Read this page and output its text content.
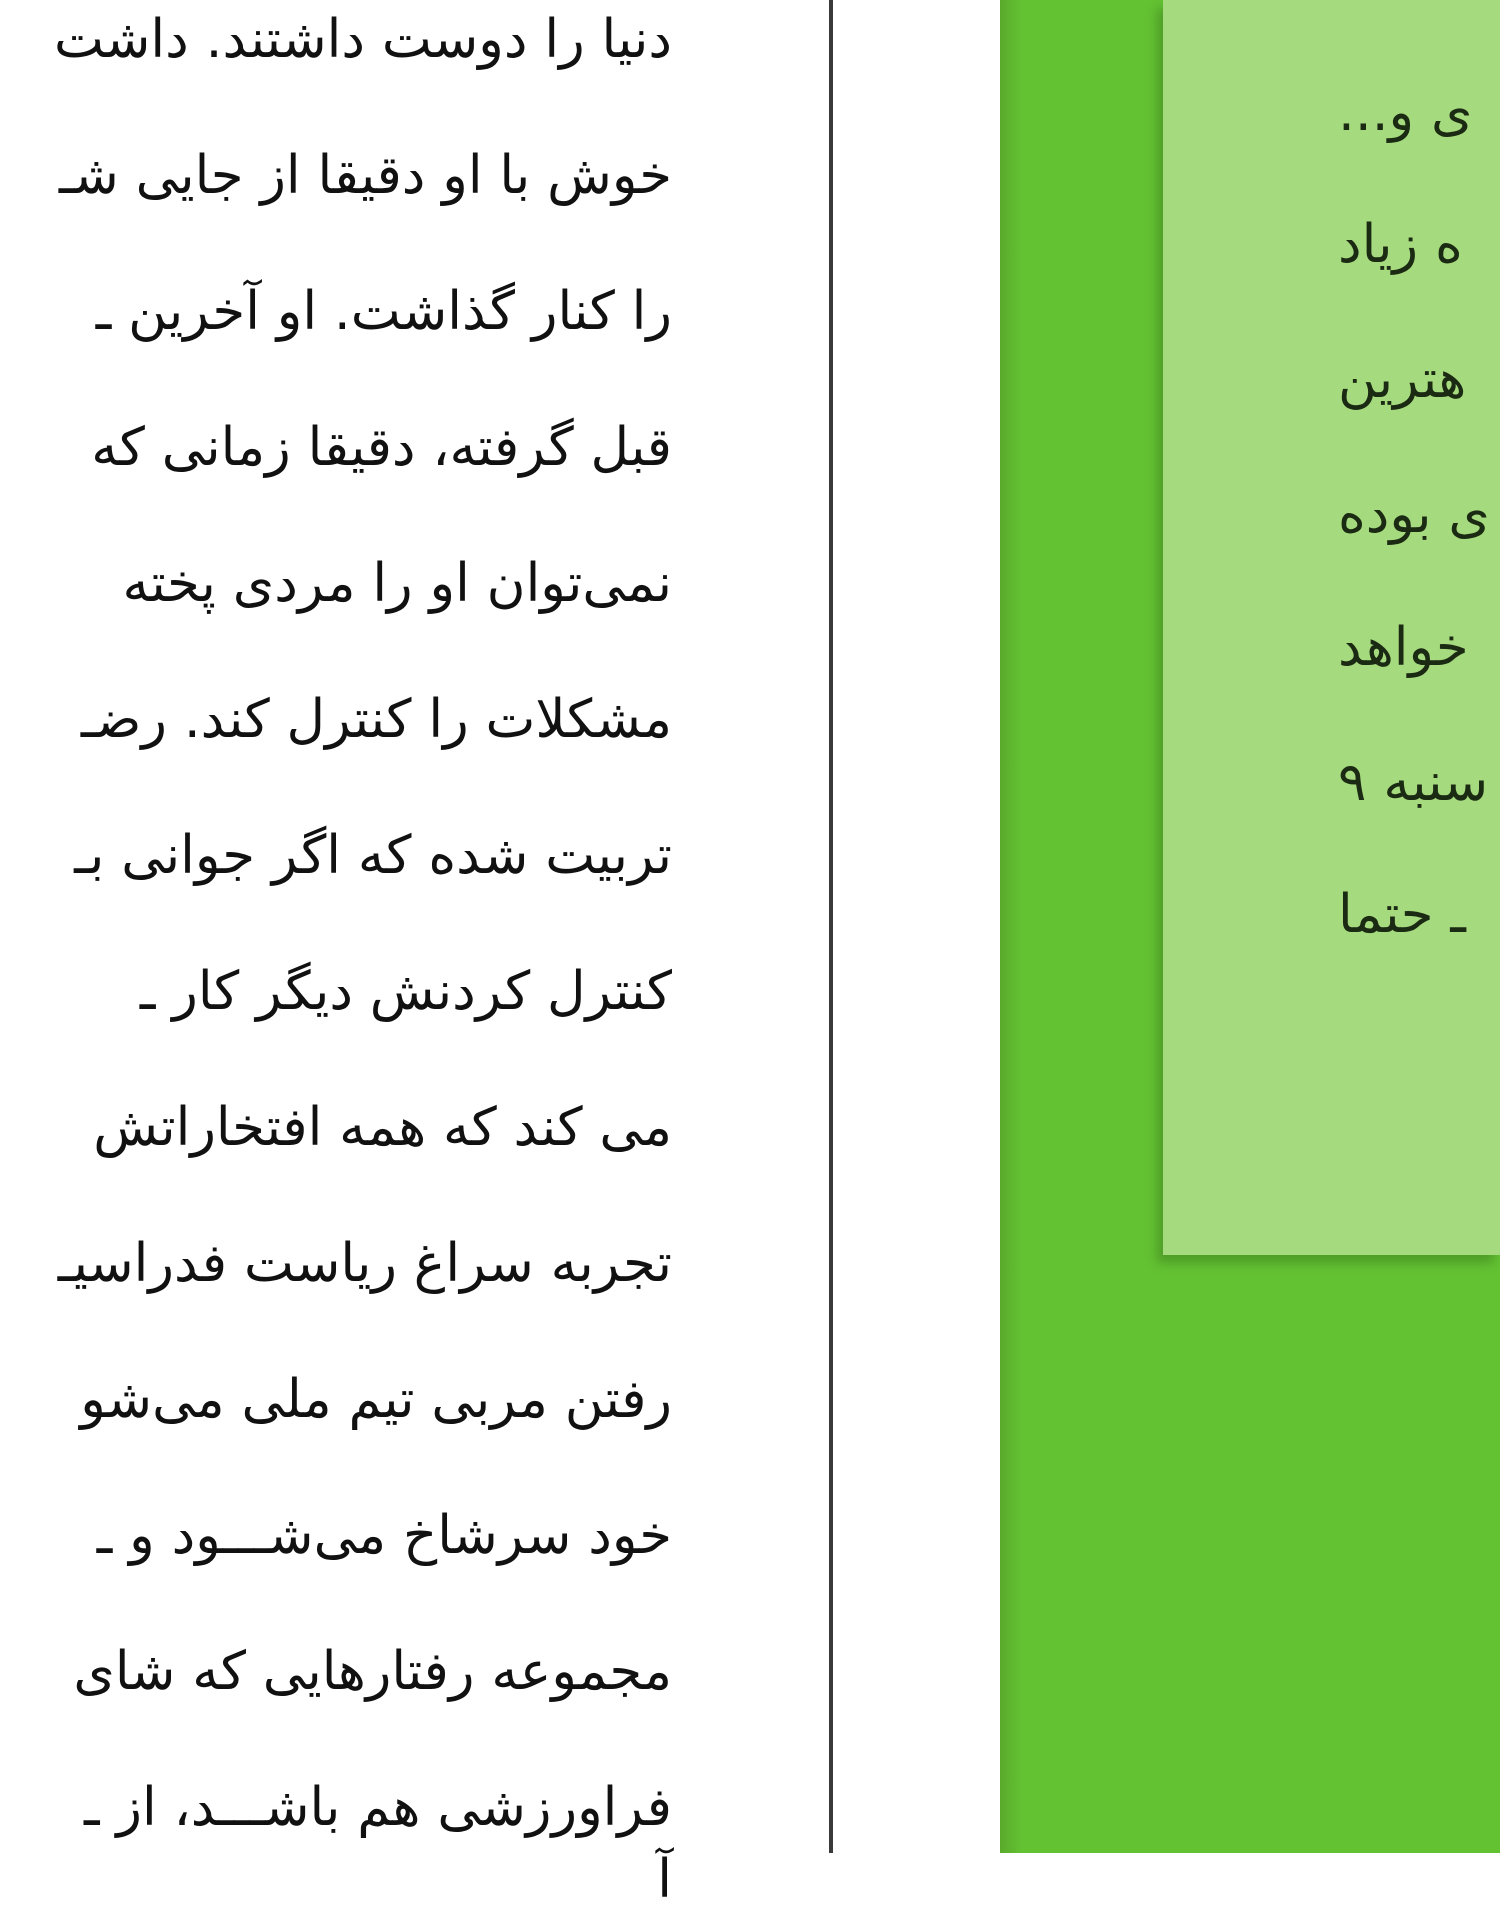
دنیا را دوست داشتند. داشت
خوش با او دقیقا از جایی شـ
را کنار گذاشت. او آخرین ـ
قبل گرفته، دقیقا زمانی که
نمی‌توان او را مردی پخته
مشکلات را کنترل کند. رضـ
تربیت شده که اگر جوانی بـ
کنترل کردنش دیگر کار ـ
می کند که همه افتخاراتش
تجربه سراغ ریاست فدراسیـ
رفتن مربی تیم ملی می‌شو
خود سرشاخ می‌شـــود و ـ
مجموعه رفتارهایی که شای
فراورزشی هم باشـــد، از ـ
آ
ی و...
ه زیاد
هترین
ی بوده
خواهد
سنبه ۹
ـ حتما
